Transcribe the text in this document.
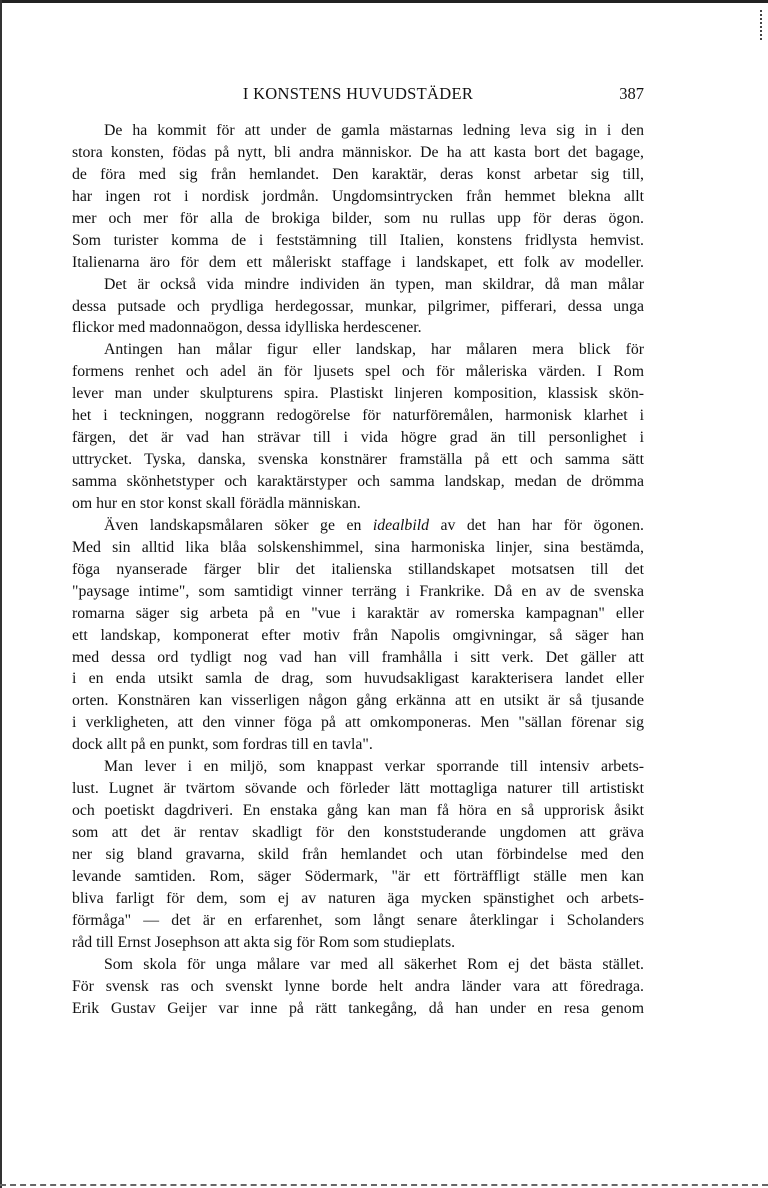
I KONSTENS HUVUDSTÄDER	387
De ha kommit för att under de gamla mästarnas ledning leva sig in i den
stora konsten, födas på nytt, bli andra människor. De ha att kasta bort det bagage,
de föra med sig från hemlandet. Den karaktär, deras konst arbetar sig till,
har ingen rot i nordisk jordmån. Ungdomsintrycken från hemmet blekna allt
mer och mer för alla de brokiga bilder, som nu rullas upp för deras ögon.
Som turister komma de i feststämning till Italien, konstens fridlysta hemvist.
Italienarna äro för dem ett måleriskt staffage i landskapet, ett folk av modeller.
Det är också vida mindre individen än typen, man skildrar, då man målar
dessa putsade och prydliga herdegossar, munkar, pilgrimer, pifferari, dessa unga
flickor med madonnaögon, dessa idylliska herdescener.
Antingen han målar figur eller landskap, har målaren mera blick för
formens renhet och adel än för ljusets spel och för måleriska värden. I Rom
lever man under skulpturens spira. Plastiskt linjeren komposition, klassisk skön-
het i teckningen, noggrann redogörelse för naturföremålen, harmonisk klarhet i
färgen, det är vad han strävar till i vida högre grad än till personlighet i
uttrycket. Tyska, danska, svenska konstnärer framställa på ett och samma sätt
samma skönhetstyper och karaktärstyper och samma landskap, medan de drömma
om hur en stor konst skall förädla människan.
Även landskapsmålaren söker ge en idealbild av det han har för ögonen.
Med sin alltid lika blåa solskenshimmel, sina harmoniska linjer, sina bestämda,
föga nyanserade färger blir det italienska stillandskapet motsatsen till det
"paysage intime", som samtidigt vinner terräng i Frankrike. Då en av de svenska
romarna säger sig arbeta på en "vue i karaktär av romerska kampagnan" eller
ett landskap, komponerat efter motiv från Napolis omgivningar, så säger han
med dessa ord tydligt nog vad han vill framhålla i sitt verk. Det gäller att
i en enda utsikt samla de drag, som huvudsakligast karakterisera landet eller
orten. Konstnären kan visserligen någon gång erkänna att en utsikt är så tjusande
i verkligheten, att den vinner föga på att omkomponeras. Men "sällan förenar sig
dock allt på en punkt, som fordras till en tavla".
Man lever i en miljö, som knappast verkar sporrande till intensiv arbets-
lust. Lugnet är tvärtom sövande och förleder lätt mottagliga naturer till artistiskt
och poetiskt dagdriveri. En enstaka gång kan man få höra en så upprorisk åsikt
som att det är rentav skadligt för den konststuderande ungdomen att gräva
ner sig bland gravarna, skild från hemlandet och utan förbindelse med den
levande samtiden. Rom, säger Södermark, "är ett förträffligt ställe men kan
bliva farligt för dem, som ej av naturen äga mycken spänstighet och arbets-
förmåga" — det är en erfarenhet, som långt senare återklingar i Scholanders
råd till Ernst Josephson att akta sig för Rom som studieplats.
Som skola för unga målare var med all säkerhet Rom ej det bästa stället.
För svensk ras och svenskt lynne borde helt andra länder vara att föredraga.
Erik Gustav Geijer var inne på rätt tankegång, då han under en resa genom
